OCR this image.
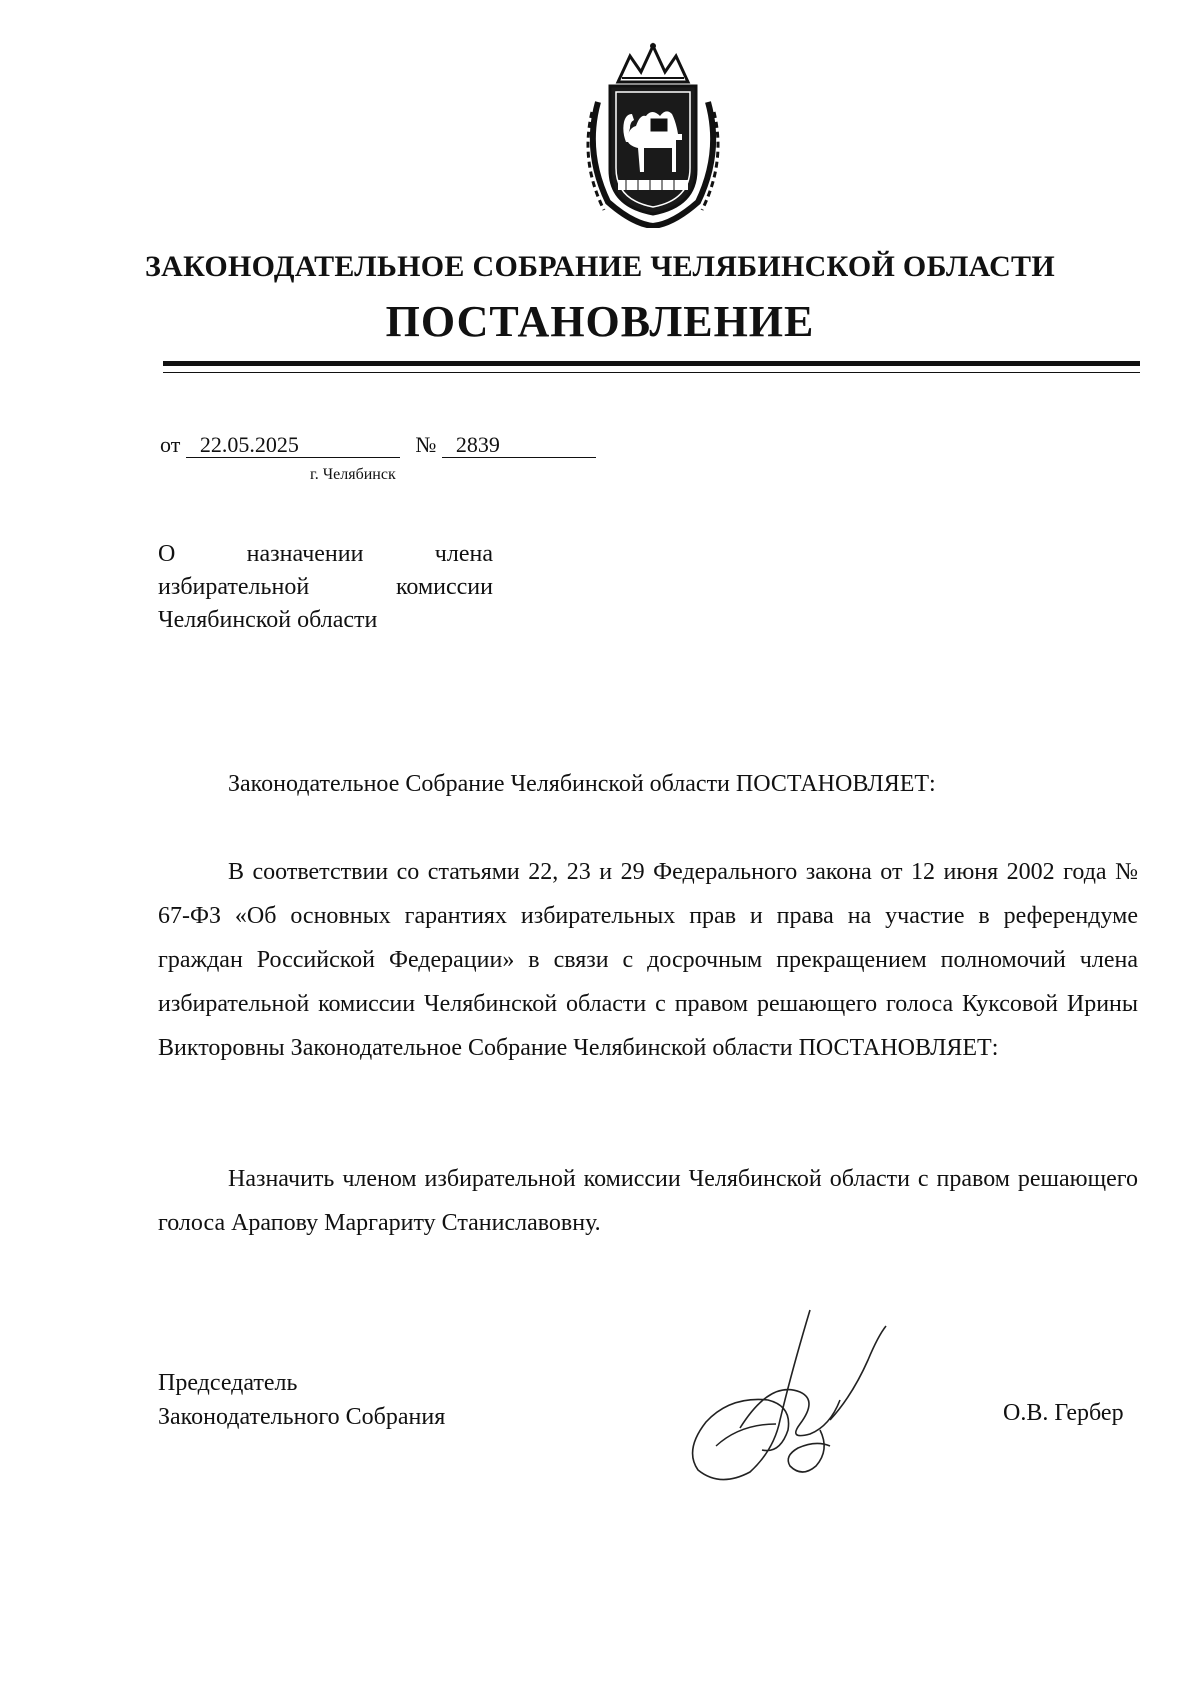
ЗАКОНОДАТЕЛЬНОЕ СОБРАНИЕ ЧЕЛЯБИНСКОЙ ОБЛАСТИ
ПОСТАНОВЛЕНИЕ
от 22.05.2025	№ 2839
г. Челябинск
О назначении члена избирательной комиссии Челябинской области
Законодательное Собрание Челябинской области ПОСТАНОВЛЯЕТ:
В соответствии со статьями 22, 23 и 29 Федерального закона от 12 июня 2002 года № 67-ФЗ «Об основных гарантиях избирательных прав и права на участие в референдуме граждан Российской Федерации» в связи с досрочным прекращением полномочий члена избирательной комиссии Челябинской области с правом решающего голоса Куксовой Ирины Викторовны Законодательное Собрание Челябинской области ПОСТАНОВЛЯЕТ:
Назначить членом избирательной комиссии Челябинской области с правом решающего голоса Арапову Маргариту Станиславовну.
Председатель
Законодательного Собрания	О.В. Гербер
